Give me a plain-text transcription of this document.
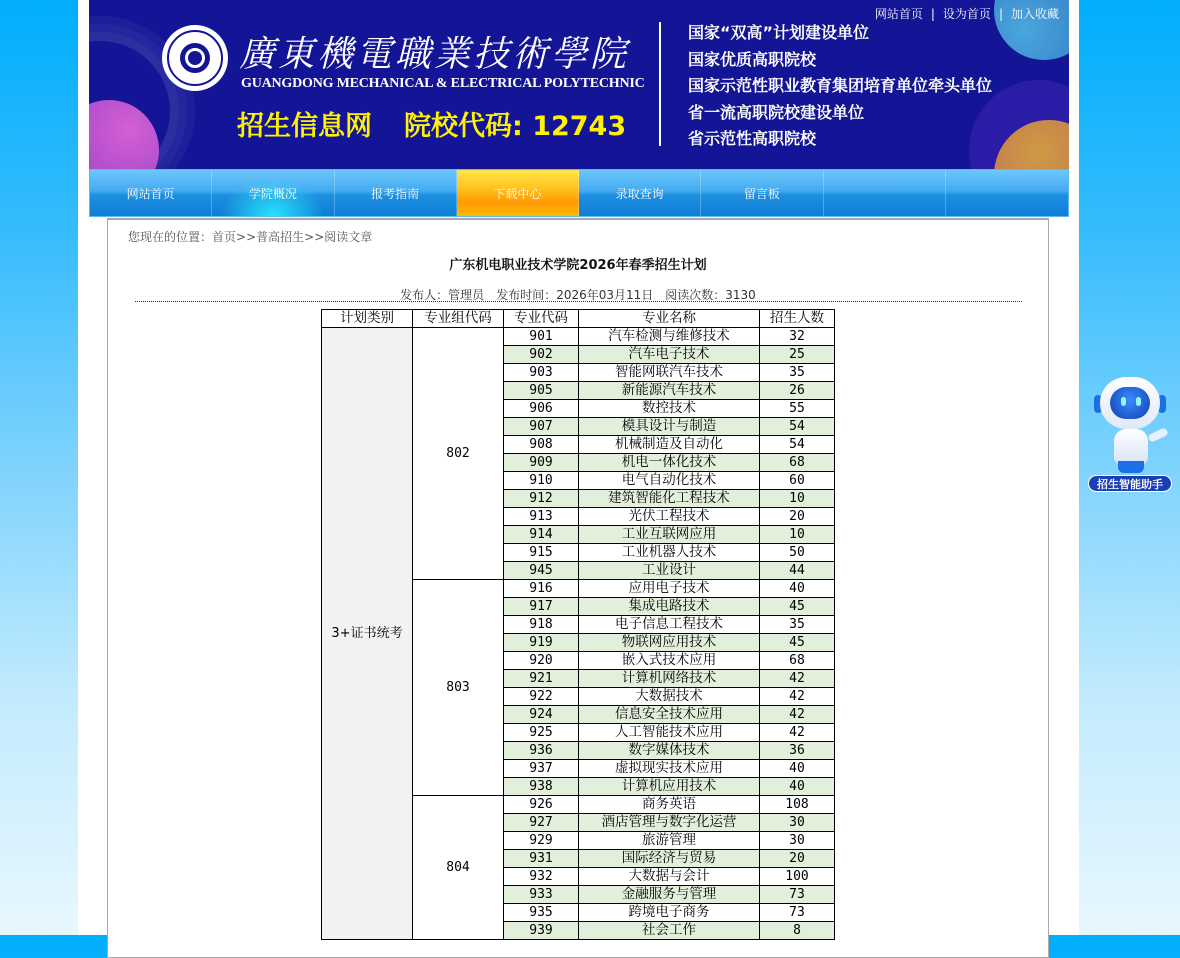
廣東機電職業技術學院
GUANGDONG MECHANICAL & ELECTRICAL POLYTECHNIC
招生信息网 院校代码: 12743
国家“双高”计划建设单位
国家优质高职院校
国家示范性职业教育集团培育单位牵头单位
省一流高职院校建设单位
省示范性高职院校
网站首页 | 设为首页 | 加入收藏
网站首页	学院概况	报考指南	下载中心	录取查询	留言板
您现在的位置：首页>>普高招生>>阅读文章
广东机电职业技术学院2026年春季招生计划
发布人：管理员 发布时间：2026年03月11日 阅读次数：3130
计划类别	专业组代码	专业代码	专业名称	招生人数
3+证书统考	802	901	汽车检测与维修技术	32
		902	汽车电子技术	25
		903	智能网联汽车技术	35
		905	新能源汽车技术	26
		906	数控技术	55
		907	模具设计与制造	54
		908	机械制造及自动化	54
		909	机电一体化技术	68
		910	电气自动化技术	60
		912	建筑智能化工程技术	10
		913	光伏工程技术	20
		914	工业互联网应用	10
		915	工业机器人技术	50
		945	工业设计	44
	803	916	应用电子技术	40
		917	集成电路技术	45
		918	电子信息工程技术	35
		919	物联网应用技术	45
		920	嵌入式技术应用	68
		921	计算机网络技术	42
		922	大数据技术	42
		924	信息安全技术应用	42
		925	人工智能技术应用	42
		936	数字媒体技术	36
		937	虚拟现实技术应用	40
		938	计算机应用技术	40
	804	926	商务英语	108
		927	酒店管理与数字化运营	30
		929	旅游管理	30
		931	国际经济与贸易	20
		932	大数据与会计	100
		933	金融服务与管理	73
		935	跨境电子商务	73
		939	社会工作	8
招生智能助手
